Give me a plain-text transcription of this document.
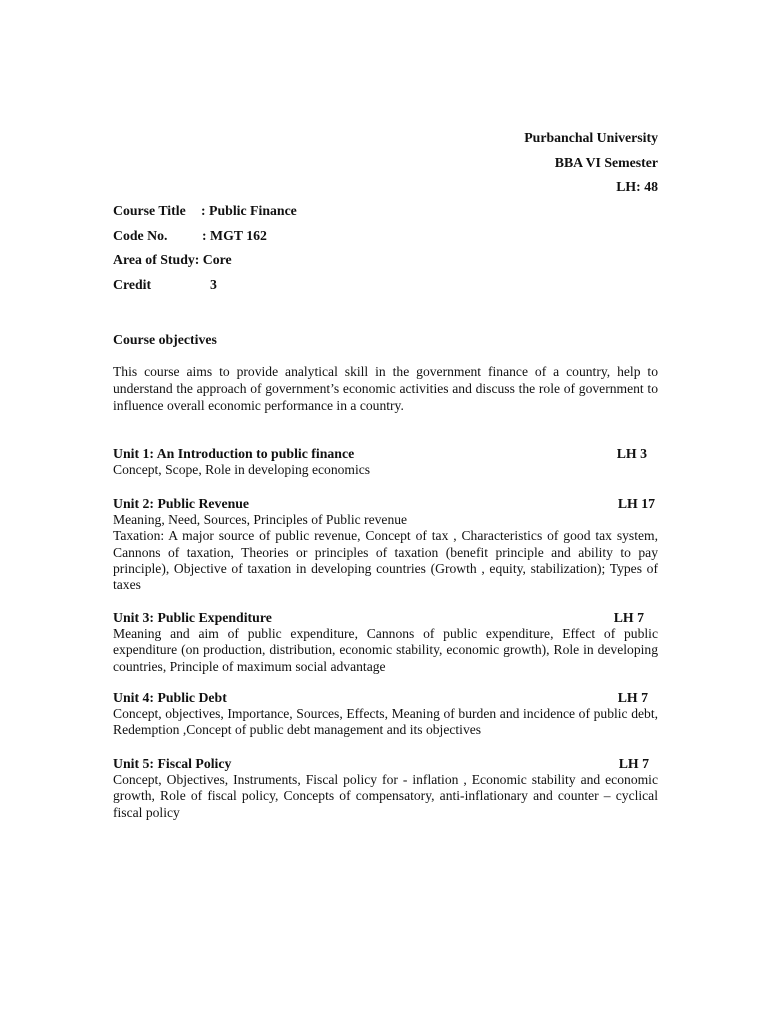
Purbanchal University
BBA VI Semester
LH: 48
Course Title	: Public Finance
Code No.	: MGT 162
Area of Study: Core
Credit	3
Course objectives
This course aims to provide analytical skill in the government finance of a country, help to understand the approach of government’s economic activities and discuss the role of government to influence overall economic performance in a country.
Unit 1: An Introduction to public finance	LH 3
Concept, Scope, Role in developing economics
Unit 2: Public Revenue	LH 17
Meaning, Need, Sources, Principles of Public revenue
Taxation: A major source of public revenue, Concept of tax , Characteristics of good tax system, Cannons of taxation, Theories or principles of taxation (benefit principle and ability to pay principle), Objective of taxation in developing countries (Growth , equity, stabilization); Types of taxes
Unit 3: Public Expenditure	LH 7
Meaning and aim of public expenditure, Cannons of public expenditure, Effect of public expenditure (on production, distribution, economic stability, economic growth), Role in developing countries, Principle of maximum social advantage
Unit 4: Public Debt	LH 7
Concept, objectives, Importance, Sources, Effects, Meaning of burden and incidence of public debt, Redemption ,Concept of public debt management and its objectives
Unit 5: Fiscal Policy	LH 7
Concept, Objectives, Instruments, Fiscal policy for - inflation , Economic stability and economic growth, Role of fiscal policy, Concepts of compensatory, anti-inflationary and counter – cyclical fiscal policy
